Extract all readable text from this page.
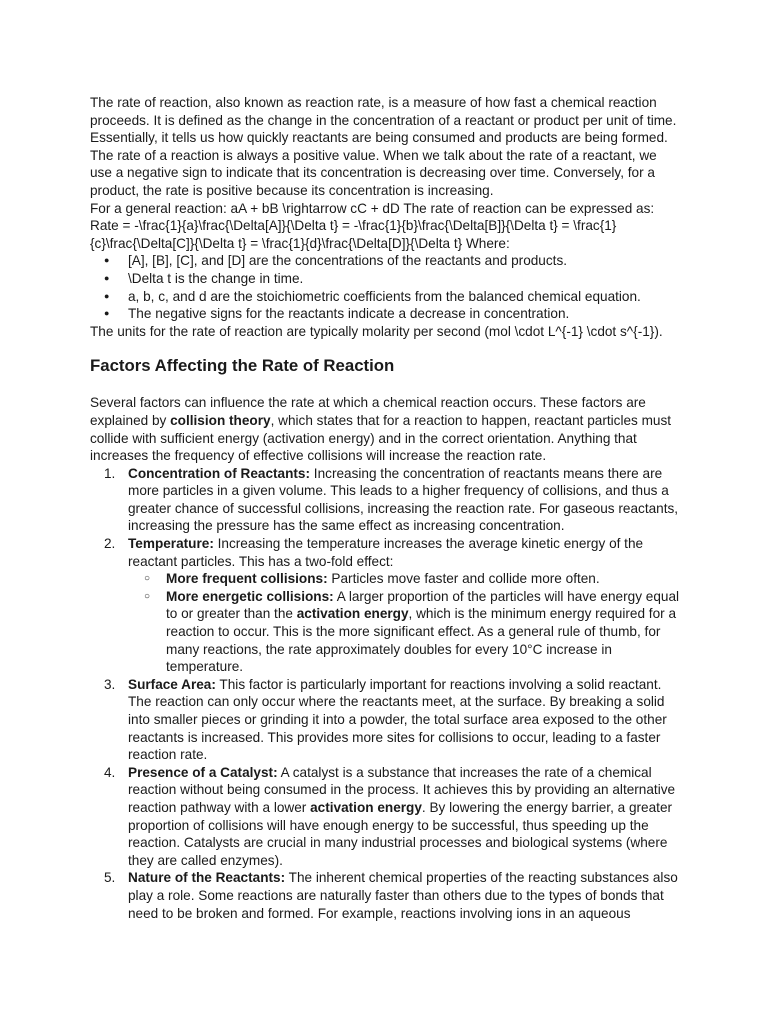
The rate of reaction, also known as reaction rate, is a measure of how fast a chemical reaction proceeds. It is defined as the change in the concentration of a reactant or product per unit of time. Essentially, it tells us how quickly reactants are being consumed and products are being formed.

The rate of a reaction is always a positive value. When we talk about the rate of a reactant, we use a negative sign to indicate that its concentration is decreasing over time. Conversely, for a product, the rate is positive because its concentration is increasing.

For a general reaction: aA + bB \rightarrow cC + dD The rate of reaction can be expressed as: Rate = -\frac{1}{a}\frac{\Delta[A]}{\Delta t} = -\frac{1}{b}\frac{\Delta[B]}{\Delta t} = \frac{1}{c}\frac{\Delta[C]}{\Delta t} = \frac{1}{d}\frac{\Delta[D]}{\Delta t} Where:

● [A], [B], [C], and [D] are the concentrations of the reactants and products.
● \Delta t is the change in time.
● a, b, c, and d are the stoichiometric coefficients from the balanced chemical equation.
● The negative signs for the reactants indicate a decrease in concentration.

The units for the rate of reaction are typically molarity per second (mol \cdot L^{-1} \cdot s^{-1}).

Factors Affecting the Rate of Reaction

Several factors can influence the rate at which a chemical reaction occurs. These factors are explained by collision theory, which states that for a reaction to happen, reactant particles must collide with sufficient energy (activation energy) and in the correct orientation. Anything that increases the frequency of effective collisions will increase the reaction rate.

1. Concentration of Reactants: Increasing the concentration of reactants means there are more particles in a given volume. This leads to a higher frequency of collisions, and thus a greater chance of successful collisions, increasing the reaction rate. For gaseous reactants, increasing the pressure has the same effect as increasing concentration.
2. Temperature: Increasing the temperature increases the average kinetic energy of the reactant particles. This has a two-fold effect:
○ More frequent collisions: Particles move faster and collide more often.
○ More energetic collisions: A larger proportion of the particles will have energy equal to or greater than the activation energy, which is the minimum energy required for a reaction to occur. This is the more significant effect. As a general rule of thumb, for many reactions, the rate approximately doubles for every 10°C increase in temperature.
3. Surface Area: This factor is particularly important for reactions involving a solid reactant. The reaction can only occur where the reactants meet, at the surface. By breaking a solid into smaller pieces or grinding it into a powder, the total surface area exposed to the other reactants is increased. This provides more sites for collisions to occur, leading to a faster reaction rate.
4. Presence of a Catalyst: A catalyst is a substance that increases the rate of a chemical reaction without being consumed in the process. It achieves this by providing an alternative reaction pathway with a lower activation energy. By lowering the energy barrier, a greater proportion of collisions will have enough energy to be successful, thus speeding up the reaction. Catalysts are crucial in many industrial processes and biological systems (where they are called enzymes).
5. Nature of the Reactants: The inherent chemical properties of the reacting substances also play a role. Some reactions are naturally faster than others due to the types of bonds that need to be broken and formed. For example, reactions involving ions in an aqueous
